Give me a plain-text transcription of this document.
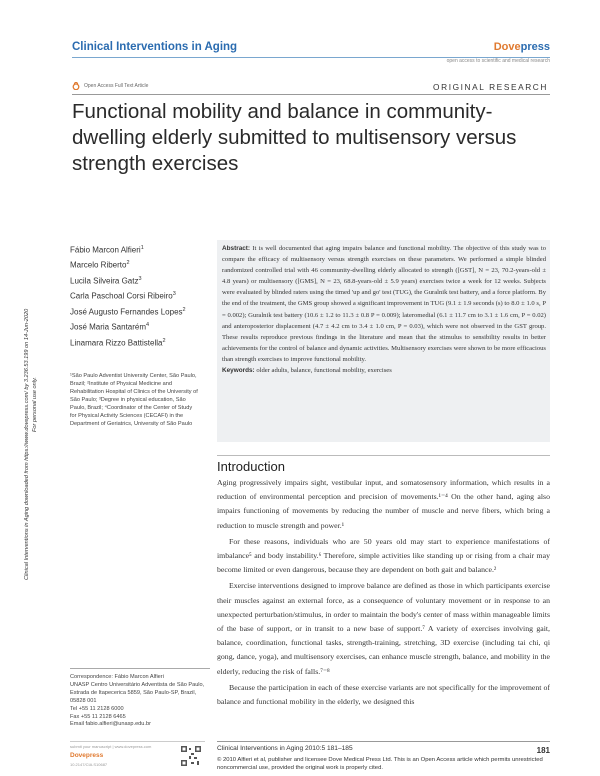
Clinical Interventions in Aging	Dovepress
open access to scientific and medical research
Open Access Full Text Article	ORIGINAL RESEARCH
Functional mobility and balance in community-dwelling elderly submitted to multisensory versus strength exercises
Clinical Interventions in Aging downloaded from https://www.dovepress.com/ by 3.236.53.199 on 14-Jun-2020 For personal use only.
Fábio Marcon Alfieri$^1$
Marcelo Riberto$^2$
Lucila Silveira Gatz$^3$
Carla Paschoal Corsi Ribeiro$^3$
José Augusto Fernandes Lopes$^2$
José Maria Santarém$^4$
Linamara Rizzo Battistella$^2$
¹São Paulo Adventist University Center, São Paulo, Brazil; ²Institute of Physical Medicine and Rehabilitation Hospital of Clinics of the University of São Paulo; ³Degree in physical education, São Paulo, Brazil; ⁴Coordinator of the Center of Study for Physical Activity Sciences (CECAFI) in the Department of Geriatrics, University of São Paulo
Correspondence: Fábio Marcon Alfieri
UNASP Centro Universitário Adventista de São Paulo, Estrada de Itapecerica 5859, São Paulo-SP, Brazil, 05828 001
Tel +55 11 2128 6000
Fax +55 11 2128 6465
Email fabio.alfieri@unasp.edu.br
Abstract: It is well documented that aging impairs balance and functional mobility. The objective of this study was to compare the efficacy of multisensory versus strength exercises on these parameters. We performed a simple blinded randomized controlled trial with 46 community-dwelling elderly allocated to strength ([GST], N = 23, 70.2-years-old ± 4.8 years) or multisensory ([GMS], N = 23, 68.8-years-old ± 5.9 years) exercises twice a week for 12 weeks. Subjects were evaluated by blinded raters using the timed 'up and go' test (TUG), the Guralnik test battery, and a force platform. By the end of the treatment, the GMS group showed a significant improvement in TUG (9.1 ± 1.9 seconds (s) to 8.0 ± 1.0 s, P = 0.002); Guralnik test battery (10.6 ± 1.2 to 11.3 ± 0.8 P = 0.009); lateromedial (6.1 ± 11.7 cm to 3.1 ± 1.6 cm, P = 0.02) and anteroposterior displacement (4.7 ± 4.2 cm to 3.4 ± 1.0 cm, P = 0.03), which were not observed in the GST group. These results reproduce previous findings in the literature and mean that the stimulus to sensibility results in better achievements for the control of balance and dynamic activities. Multisensory exercises were shown to be more efficacious than strength exercises to improve functional mobility.
Keywords: older adults, balance, functional mobility, exercises
Introduction

Aging progressively impairs sight, vestibular input, and somatosensory information, which results in a reduction of environmental perception and precision of movements.¹⁻⁴ On the other hand, aging also impairs functioning of movements by reducing the number of muscle and nerve fibers, which bring a reduction to muscle strength and power.¹

For these reasons, individuals who are 50 years old may start to experience manifestations of imbalance⁵ and body instability.⁶ Therefore, simple activities like standing up or rising from a chair may become limited or even dangerous, because they are dependent on both gait and balance.²

Exercise interventions designed to improve balance are defined as those in which participants exercise their muscles against an external force, as a consequence of voluntary movement or in response to an unexpected perturbation/stimulus, in order to maintain the body's center of mass within manageable limits of the base of support, or in transit to a new base of support.⁷ A variety of exercises involving gait, balance, coordination, functional tasks, strength-training, stretching, 3D exercise (including tai chi, qi gong, dance, yoga), and multisensory exercises, can enhance muscle strength, balance, and mobility in the elderly, reducing the risk of falls.⁷⁻⁸

Because the participation in each of these exercise variants are not specifically for the improvement of balance and functional mobility in the elderly, we designed this

submit your manuscript | www.dovepress.com
Dovepress
10.2147/CIA.S10687
Clinical Interventions in Aging 2010:5 181–185	181
© 2010 Alfieri et al, publisher and licensee Dove Medical Press Ltd. This is an Open Access article which permits unrestricted noncommercial use, provided the original work is properly cited.
